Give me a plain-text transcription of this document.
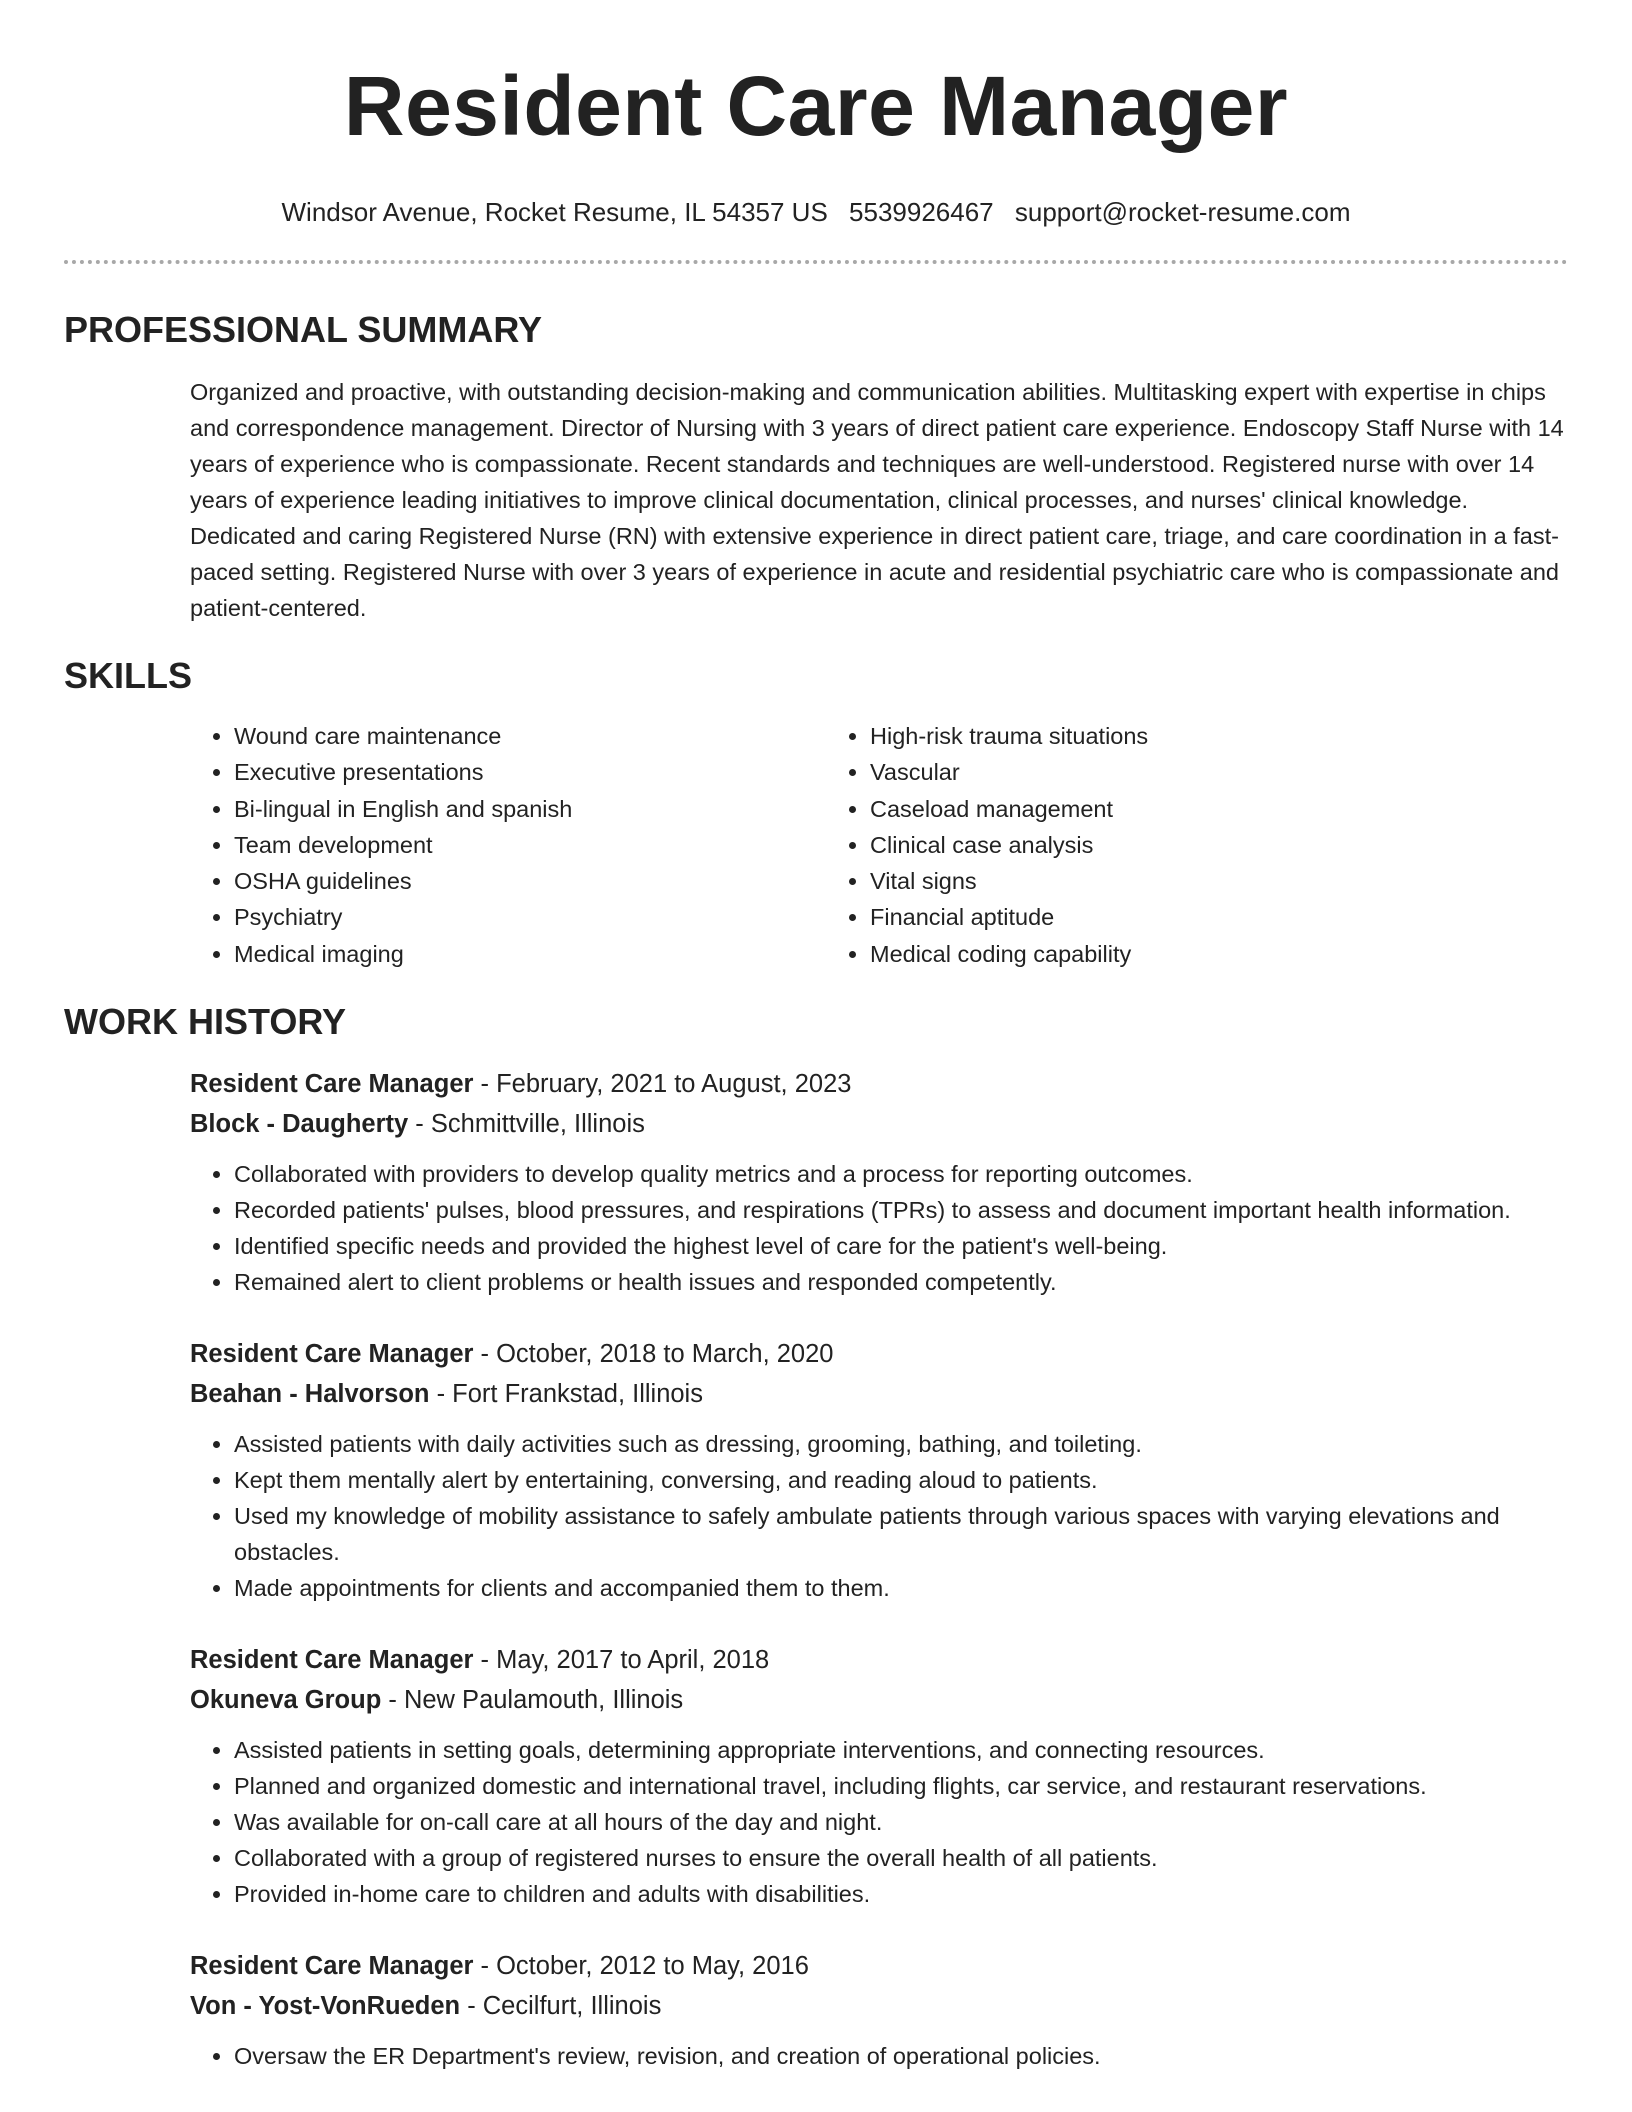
Resident Care Manager
Windsor Avenue, Rocket Resume, IL 54357 US 5539926467 support@rocket-resume.com
PROFESSIONAL SUMMARY

Organized and proactive, with outstanding decision-making and communication abilities. Multitasking expert with expertise in chips and correspondence management. Director of Nursing with 3 years of direct patient care experience. Endoscopy Staff Nurse with 14 years of experience who is compassionate. Recent standards and techniques are well-understood. Registered nurse with over 14 years of experience leading initiatives to improve clinical documentation, clinical processes, and nurses' clinical knowledge. Dedicated and caring Registered Nurse (RN) with extensive experience in direct patient care, triage, and care coordination in a fast-paced setting. Registered Nurse with over 3 years of experience in acute and residential psychiatric care who is compassionate and patient-centered.

SKILLS
• Wound care maintenance
• Executive presentations
• Bi-lingual in English and spanish
• Team development
• OSHA guidelines
• Psychiatry
• Medical imaging
• High-risk trauma situations
• Vascular
• Caseload management
• Clinical case analysis
• Vital signs
• Financial aptitude
• Medical coding capability
WORK HISTORY
Resident Care Manager - February, 2021 to August, 2023
Block - Daugherty - Schmittville, Illinois
• Collaborated with providers to develop quality metrics and a process for reporting outcomes.
• Recorded patients' pulses, blood pressures, and respirations (TPRs) to assess and document important health information.
• Identified specific needs and provided the highest level of care for the patient's well-being.
• Remained alert to client problems or health issues and responded competently.
Resident Care Manager - October, 2018 to March, 2020
Beahan - Halvorson - Fort Frankstad, Illinois
• Assisted patients with daily activities such as dressing, grooming, bathing, and toileting.
• Kept them mentally alert by entertaining, conversing, and reading aloud to patients.
• Used my knowledge of mobility assistance to safely ambulate patients through various spaces with varying elevations and obstacles.
• Made appointments for clients and accompanied them to them.
Resident Care Manager - May, 2017 to April, 2018
Okuneva Group - New Paulamouth, Illinois
• Assisted patients in setting goals, determining appropriate interventions, and connecting resources.
• Planned and organized domestic and international travel, including flights, car service, and restaurant reservations.
• Was available for on-call care at all hours of the day and night.
• Collaborated with a group of registered nurses to ensure the overall health of all patients.
• Provided in-home care to children and adults with disabilities.
Resident Care Manager - October, 2012 to May, 2016
Von - Yost-VonRueden - Cecilfurt, Illinois
• Oversaw the ER Department's review, revision, and creation of operational policies.
